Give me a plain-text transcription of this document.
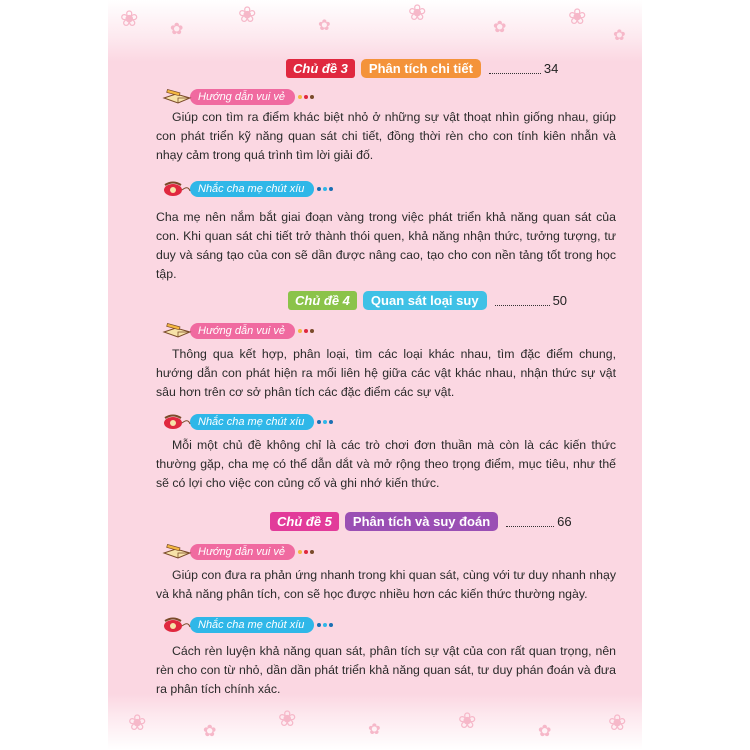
❀ ✿
❀	✿
❀
✿	❀
✿
❀	✿
❀	✿	❀	✿	❀
Chủ đề 3	Phân tích chi tiết	34
Hướng dẫn vui vẻ
Giúp con tìm ra điểm khác biệt nhỏ ở những sự vật thoạt nhìn giống nhau, giúp con phát triển kỹ năng quan sát chi tiết, đồng thời rèn cho con tính kiên nhẫn và nhạy cảm trong quá trình tìm lời giải đố.
Nhắc cha mẹ chút xíu
Cha mẹ nên nắm bắt giai đoạn vàng trong việc phát triển khả năng quan sát của con. Khi quan sát chi tiết trở thành thói quen, khả năng nhận thức, tưởng tượng, tư duy và sáng tạo của con sẽ dần được nâng cao, tạo cho con nền tảng tốt trong học tập.
Chủ đề 4	Quan sát loại suy	50
Hướng dẫn vui vẻ
Thông qua kết hợp, phân loại, tìm các loại khác nhau, tìm đặc điểm chung, hướng dẫn con phát hiện ra mối liên hệ giữa các vật khác nhau, nhận thức sự vật sâu hơn trên cơ sở phân tích các đặc điểm các sự vật.
Nhắc cha mẹ chút xíu
Mỗi một chủ đề không chỉ là các trò chơi đơn thuần mà còn là các kiến thức thường gặp, cha mẹ có thể dẫn dắt và mở rộng theo trọng điểm, mục tiêu, như thế sẽ có lợi cho việc con củng cố và ghi nhớ kiến thức.
Chủ đề 5	Phân tích và suy đoán	66
Hướng dẫn vui vẻ
Giúp con đưa ra phản ứng nhanh trong khi quan sát, cùng với tư duy nhanh nhạy và khả năng phân tích, con sẽ học được nhiều hơn các kiến thức thường ngày.
Nhắc cha mẹ chút xíu
Cách rèn luyện khả năng quan sát, phân tích sự vật của con rất quan trọng, nên rèn cho con từ nhỏ, dần dần phát triển khả năng quan sát, tư duy phán đoán và đưa ra phân tích chính xác.
